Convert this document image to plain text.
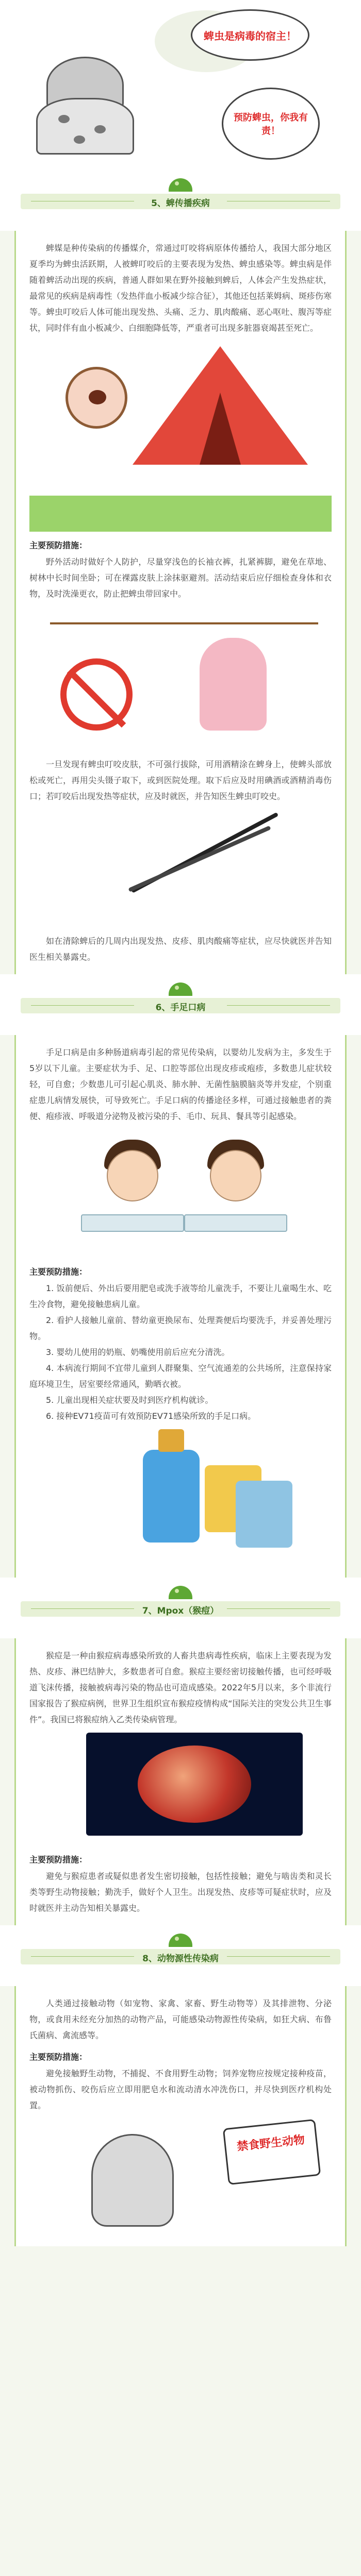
蜱虫是病毒的宿主！
预防蜱虫，你我有责！
5、蜱传播疾病

蜱媒是种传染病的传播媒介，常通过叮咬将病原体传播给人，我国大部分地区夏季均为蜱虫活跃期，人被蜱叮咬后的主要表现为发热、蜱虫感染等。蜱虫病是伴随着蜱活动出现的疾病，普通人群如果在野外接触到蜱后，人体会产生发热症状，最常见的疾病是病毒性（发热伴血小板减少综合征），其他还包括莱姆病、斑疹伤寒等。蜱虫叮咬后人体可能出现发热、头痛、乏力、肌肉酸痛、恶心呕吐、腹泻等症状，同时伴有血小板减少、白细胞降低等，严重者可出现多脏器衰竭甚至死亡。

主要预防措施：

野外活动时做好个人防护，尽量穿浅色的长袖衣裤，扎紧裤脚，避免在草地、树林中长时间坐卧；可在裸露皮肤上涂抹驱避剂。活动结束后应仔细检查身体和衣物，及时洗澡更衣，防止把蜱虫带回家中。

一旦发现有蜱虫叮咬皮肤，不可强行拔除，可用酒精涂在蜱身上，使蜱头部放松或死亡，再用尖头镊子取下，或到医院处理。取下后应及时用碘酒或酒精消毒伤口；若叮咬后出现发热等症状，应及时就医，并告知医生蜱虫叮咬史。

如在清除蜱后的几周内出现发热、皮疹、肌肉酸痛等症状，应尽快就医并告知医生相关暴露史。

6、手足口病

手足口病是由多种肠道病毒引起的常见传染病，以婴幼儿发病为主，多发生于5岁以下儿童。主要症状为手、足、口腔等部位出现皮疹或疱疹，多数患儿症状较轻，可自愈；少数患儿可引起心肌炎、肺水肿、无菌性脑膜脑炎等并发症，个别重症患儿病情发展快，可导致死亡。手足口病的传播途径多样，可通过接触患者的粪便、疱疹液、呼吸道分泌物及被污染的手、毛巾、玩具、餐具等引起感染。

主要预防措施：

1. 饭前便后、外出后要用肥皂或洗手液等给儿童洗手，不要让儿童喝生水、吃生冷食物，避免接触患病儿童。

2. 看护人接触儿童前、替幼童更换尿布、处理粪便后均要洗手，并妥善处理污物。

3. 婴幼儿使用的奶瓶、奶嘴使用前后应充分清洗。

4. 本病流行期间不宜带儿童到人群聚集、空气流通差的公共场所，注意保持家庭环境卫生，居室要经常通风，勤晒衣被。

5. 儿童出现相关症状要及时到医疗机构就诊。

6. 接种EV71疫苗可有效预防EV71感染所致的手足口病。

7、Mpox（猴痘）

猴痘是一种由猴痘病毒感染所致的人畜共患病毒性疾病，临床上主要表现为发热、皮疹、淋巴结肿大，多数患者可自愈。猴痘主要经密切接触传播，也可经呼吸道飞沫传播，接触被病毒污染的物品也可造成感染。2022年5月以来，多个非流行国家报告了猴痘病例，世界卫生组织宣布猴痘疫情构成“国际关注的突发公共卫生事件”。我国已将猴痘纳入乙类传染病管理。

主要预防措施：

避免与猴痘患者或疑似患者发生密切接触，包括性接触；避免与啮齿类和灵长类等野生动物接触；勤洗手，做好个人卫生。出现发热、皮疹等可疑症状时，应及时就医并主动告知相关暴露史。

8、动物源性传染病

人类通过接触动物（如宠物、家禽、家畜、野生动物等）及其排泄物、分泌物，或食用未经充分加热的动物产品，可能感染动物源性传染病，如狂犬病、布鲁氏菌病、禽流感等。

主要预防措施：

避免接触野生动物，不捕捉、不食用野生动物；饲养宠物应按规定接种疫苗，被动物抓伤、咬伤后应立即用肥皂水和流动清水冲洗伤口，并尽快到医疗机构处置。

禁食野生动物
